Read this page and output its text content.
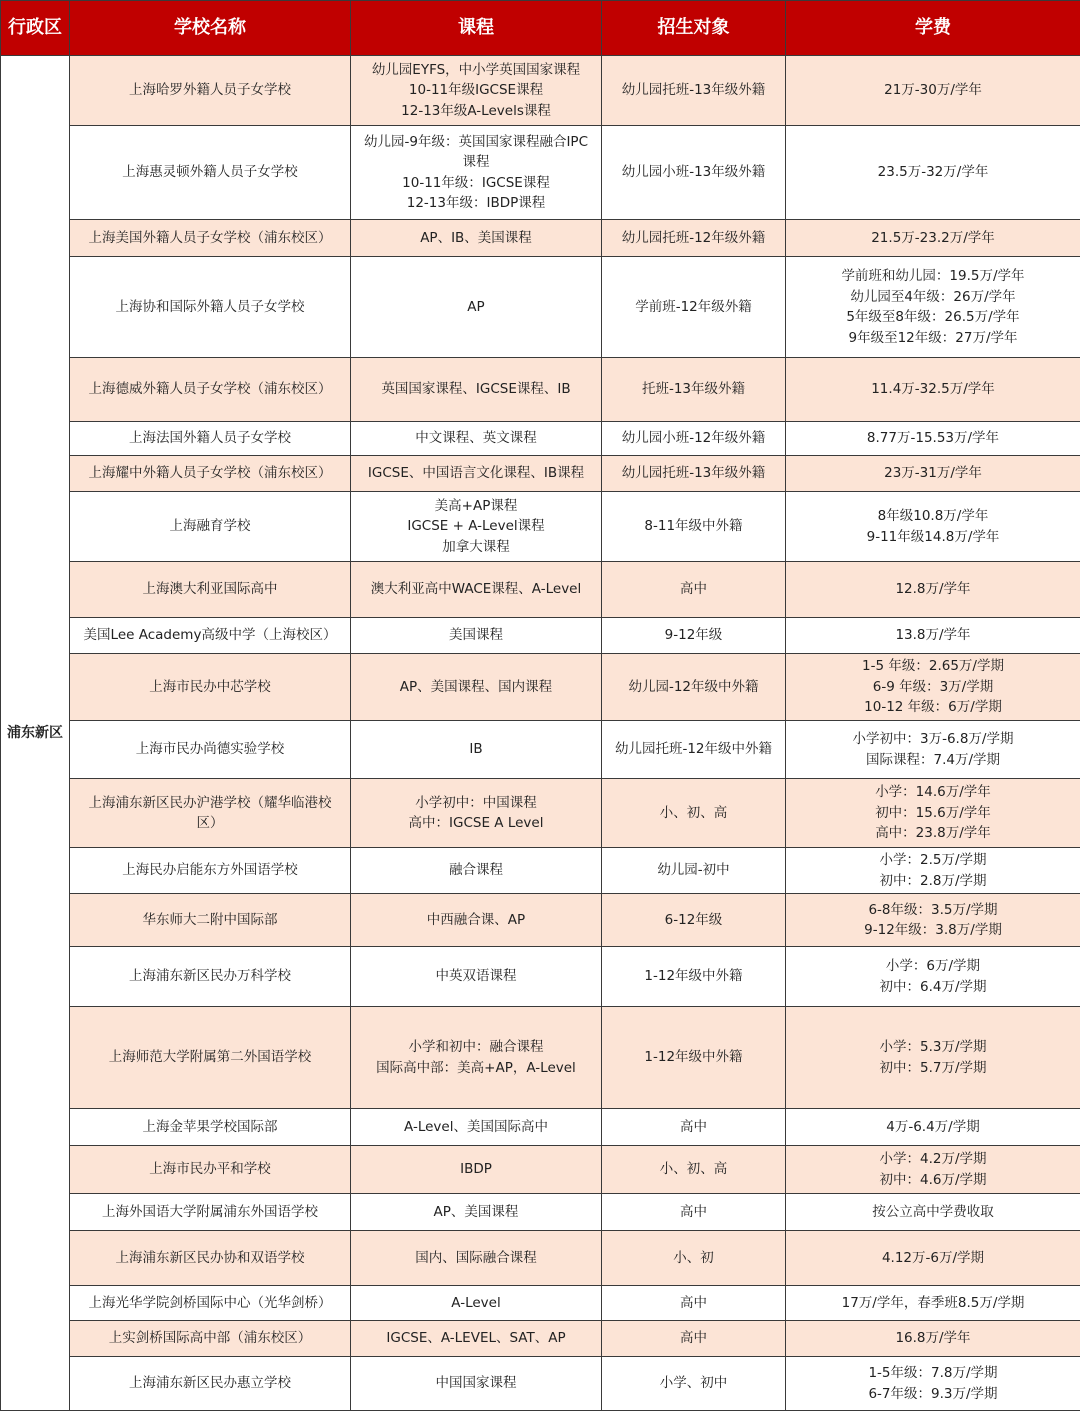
行政区	学校名称	课程	招生对象	学费
浦东新区	上海哈罗外籍人员子女学校	幼儿园EYFS，中小学英国国家课程
10-11年级IGCSE课程
12-13年级A-Levels课程	幼儿园托班-13年级外籍	21万-30万/学年

	上海惠灵顿外籍人员子女学校	幼儿园-9年级：英国国家课程融合IPC
课程
10-11年级：IGCSE课程
12-13年级：IBDP课程	幼儿园小班-13年级外籍	23.5万-32万/学年

	上海美国外籍人员子女学校（浦东校区）	AP、IB、美国课程	幼儿园托班-12年级外籍	21.5万-23.2万/学年

	上海协和国际外籍人员子女学校	AP	学前班-12年级外籍	学前班和幼儿园：19.5万/学年
幼儿园至4年级：26万/学年
5年级至8年级：26.5万/学年
9年级至12年级：27万/学年

	上海德威外籍人员子女学校（浦东校区）	英国国家课程、IGCSE课程、IB	托班-13年级外籍	11.4万-32.5万/学年

	上海法国外籍人员子女学校	中文课程、英文课程	幼儿园小班-12年级外籍	8.77万-15.53万/学年

	上海耀中外籍人员子女学校（浦东校区）	IGCSE、中国语言文化课程、IB课程	幼儿园托班-13年级外籍	23万-31万/学年

	上海融育学校	美高+AP课程
IGCSE + A-Level课程
加拿大课程	8-11年级中外籍	8年级10.8万/学年
9-11年级14.8万/学年

	上海澳大利亚国际高中	澳大利亚高中WACE课程、A-Level	高中	12.8万/学年

	美国Lee Academy高级中学（上海校区）	美国课程	9-12年级	13.8万/学年

	上海市民办中芯学校	AP、美国课程、国内课程	幼儿园-12年级中外籍	1-5 年级：2.65万/学期
6-9 年级：3万/学期
10-12 年级：6万/学期

	上海市民办尚德实验学校	IB	幼儿园托班-12年级中外籍	小学初中：3万-6.8万/学期
国际课程：7.4万/学期

	上海浦东新区民办沪港学校（耀华临港校
区）	小学初中：中国课程
高中：IGCSE A Level	小、初、高	小学：14.6万/学年
初中：15.6万/学年
高中：23.8万/学年

	上海民办启能东方外国语学校	融合课程	幼儿园-初中	小学：2.5万/学期
初中：2.8万/学期

	华东师大二附中国际部	中西融合课、AP	6-12年级	6-8年级：3.5万/学期
9-12年级：3.8万/学期

	上海浦东新区民办万科学校	中英双语课程	1-12年级中外籍	小学：6万/学期
初中：6.4万/学期

	上海师范大学附属第二外国语学校	小学和初中：融合课程
国际高中部：美高+AP，A-Level	1-12年级中外籍	小学：5.3万/学期
初中：5.7万/学期

	上海金苹果学校国际部	A-Level、美国国际高中	高中	4万-6.4万/学期

	上海市民办平和学校	IBDP	小、初、高	小学：4.2万/学期
初中：4.6万/学期

	上海外国语大学附属浦东外国语学校	AP、美国课程	高中	按公立高中学费收取

	上海浦东新区民办协和双语学校	国内、国际融合课程	小、初	4.12万-6万/学期

	上海光华学院剑桥国际中心（光华剑桥）	A-Level	高中	17万/学年，春季班8.5万/学期

	上实剑桥国际高中部（浦东校区）	IGCSE、A-LEVEL、SAT、AP	高中	16.8万/学年

	上海浦东新区民办惠立学校	中国国家课程	小学、初中	1-5年级：7.8万/学期
6-7年级：9.3万/学期
